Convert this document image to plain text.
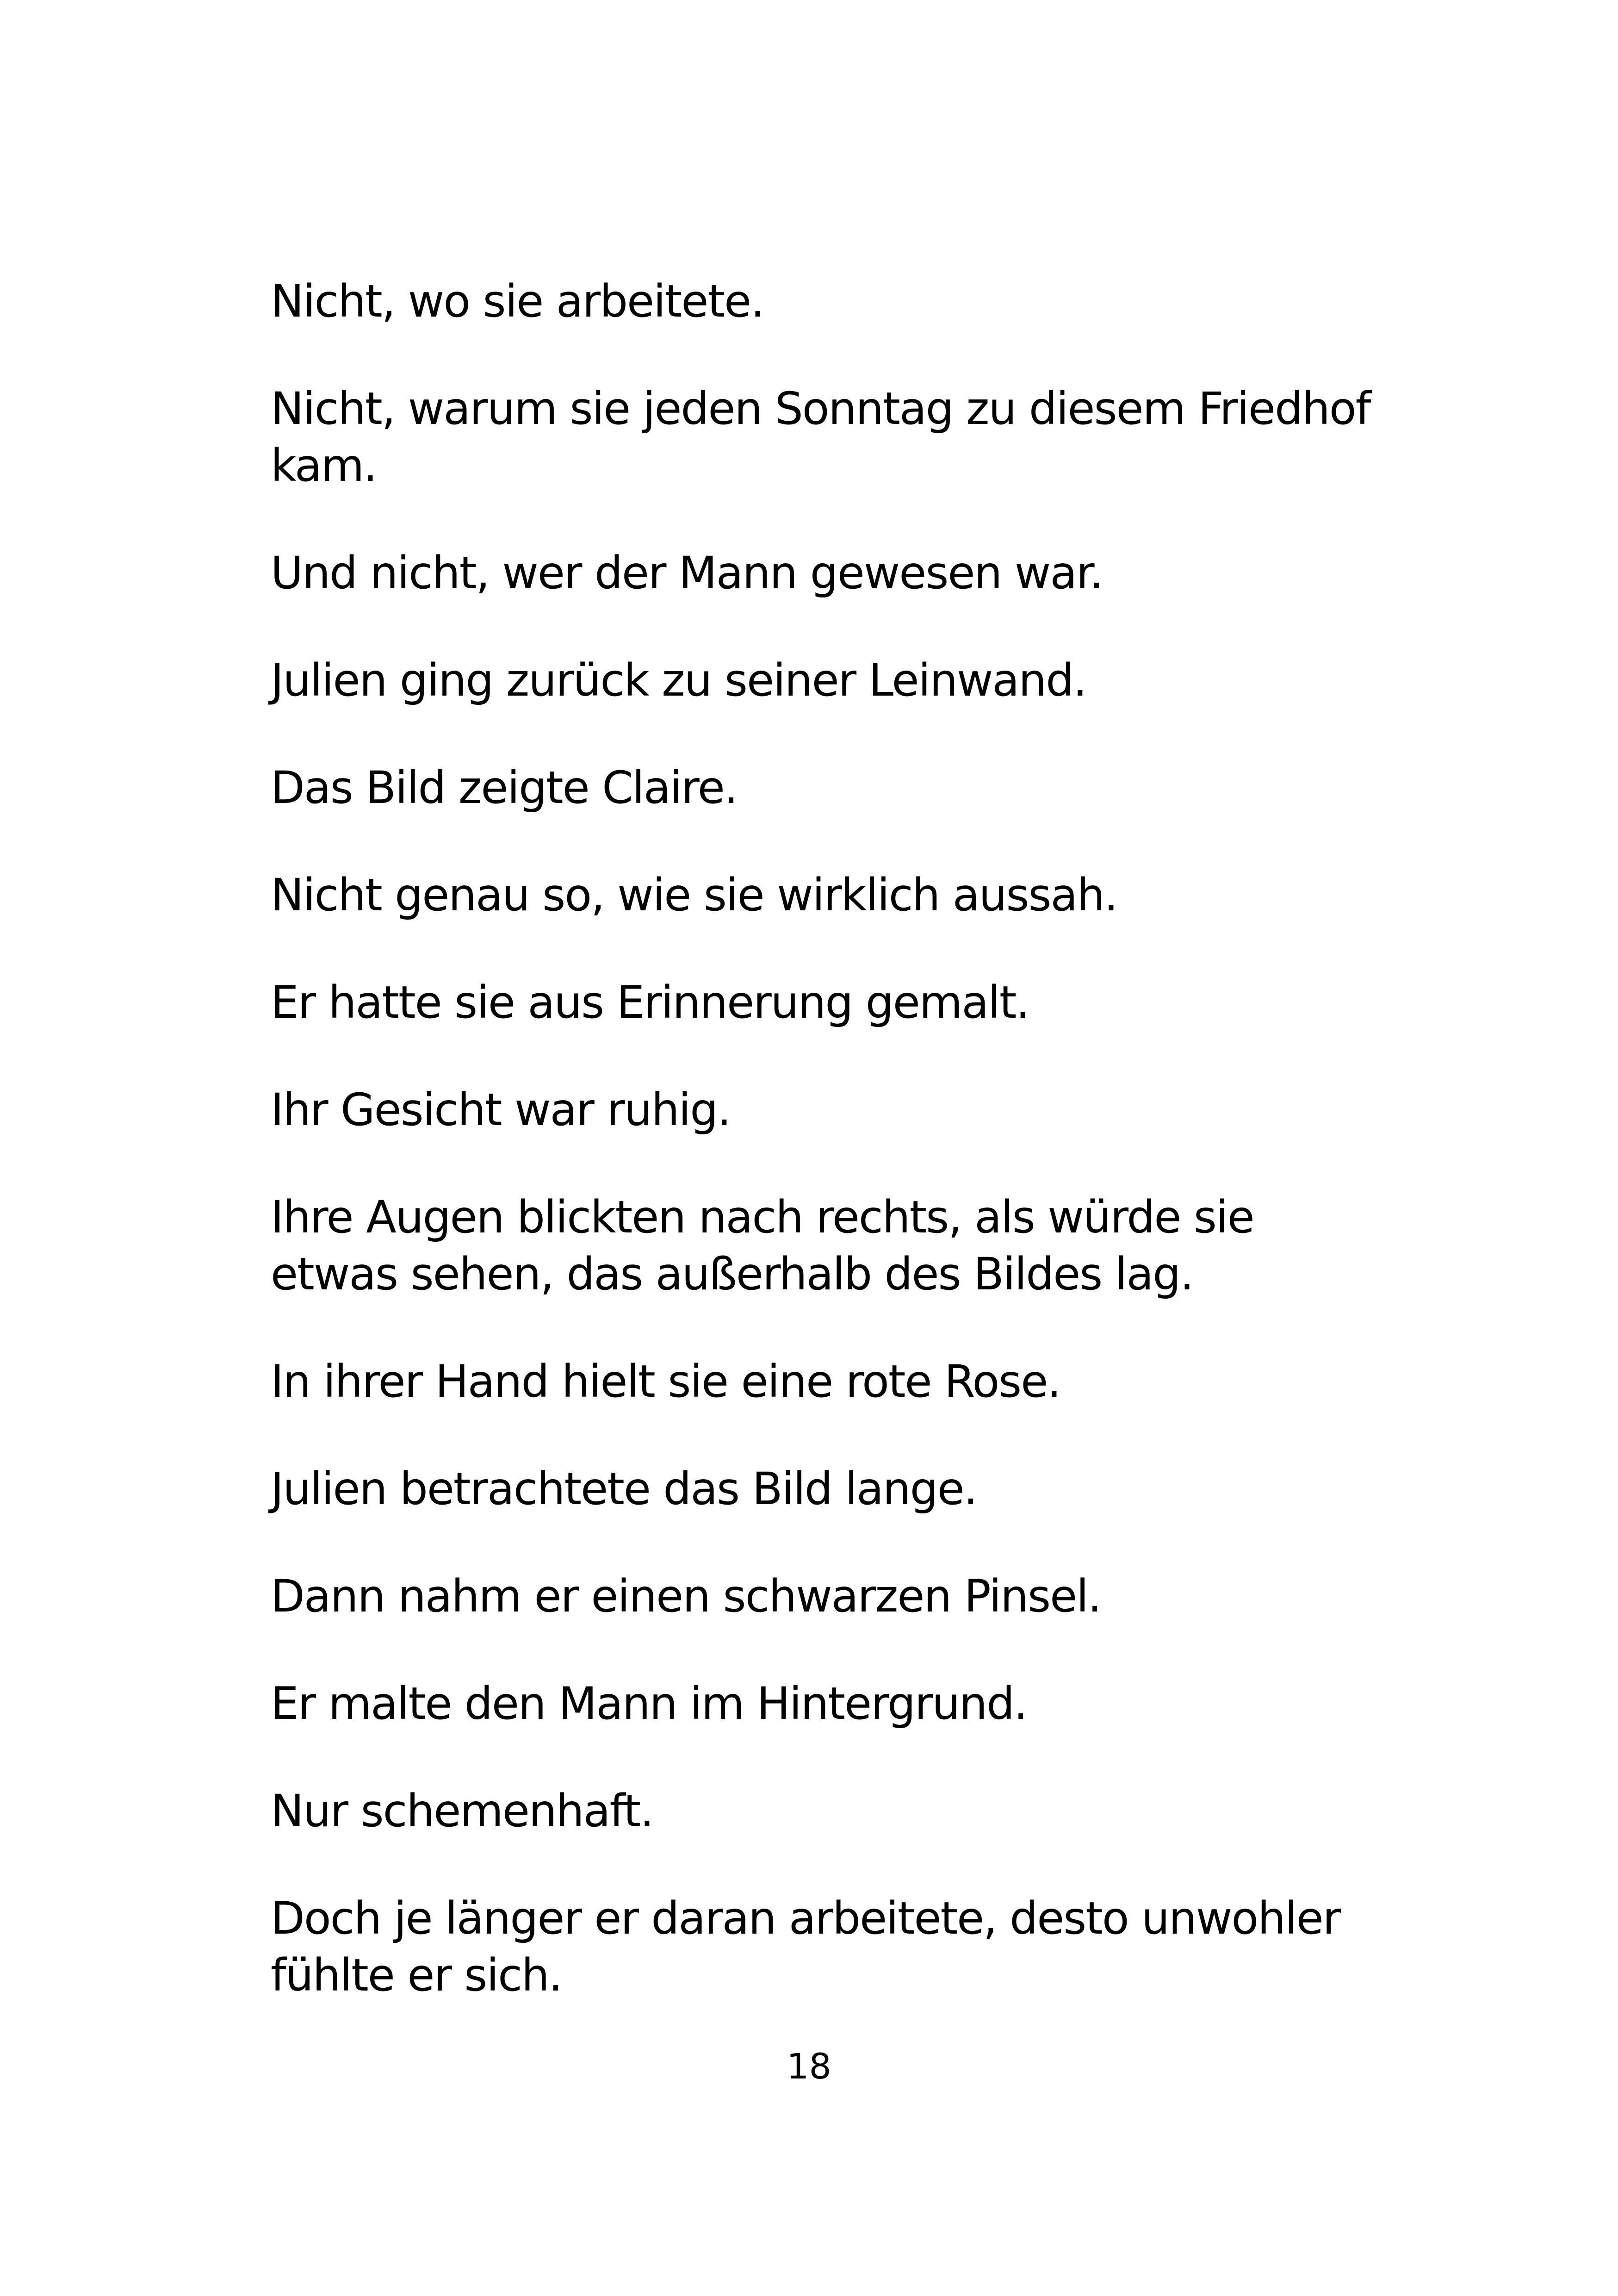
Nicht, wo sie arbeitete.

Nicht, warum sie jeden Sonntag zu diesem Friedhof kam.

Und nicht, wer der Mann gewesen war.

Julien ging zurück zu seiner Leinwand.

Das Bild zeigte Claire.

Nicht genau so, wie sie wirklich aussah.

Er hatte sie aus Erinnerung gemalt.

Ihr Gesicht war ruhig.

Ihre Augen blickten nach rechts, als würde sie etwas sehen, das außerhalb des Bildes lag.

In ihrer Hand hielt sie eine rote Rose.

Julien betrachtete das Bild lange.

Dann nahm er einen schwarzen Pinsel.

Er malte den Mann im Hintergrund.

Nur schemenhaft.

Doch je länger er daran arbeitete, desto unwohler fühlte er sich.

18
